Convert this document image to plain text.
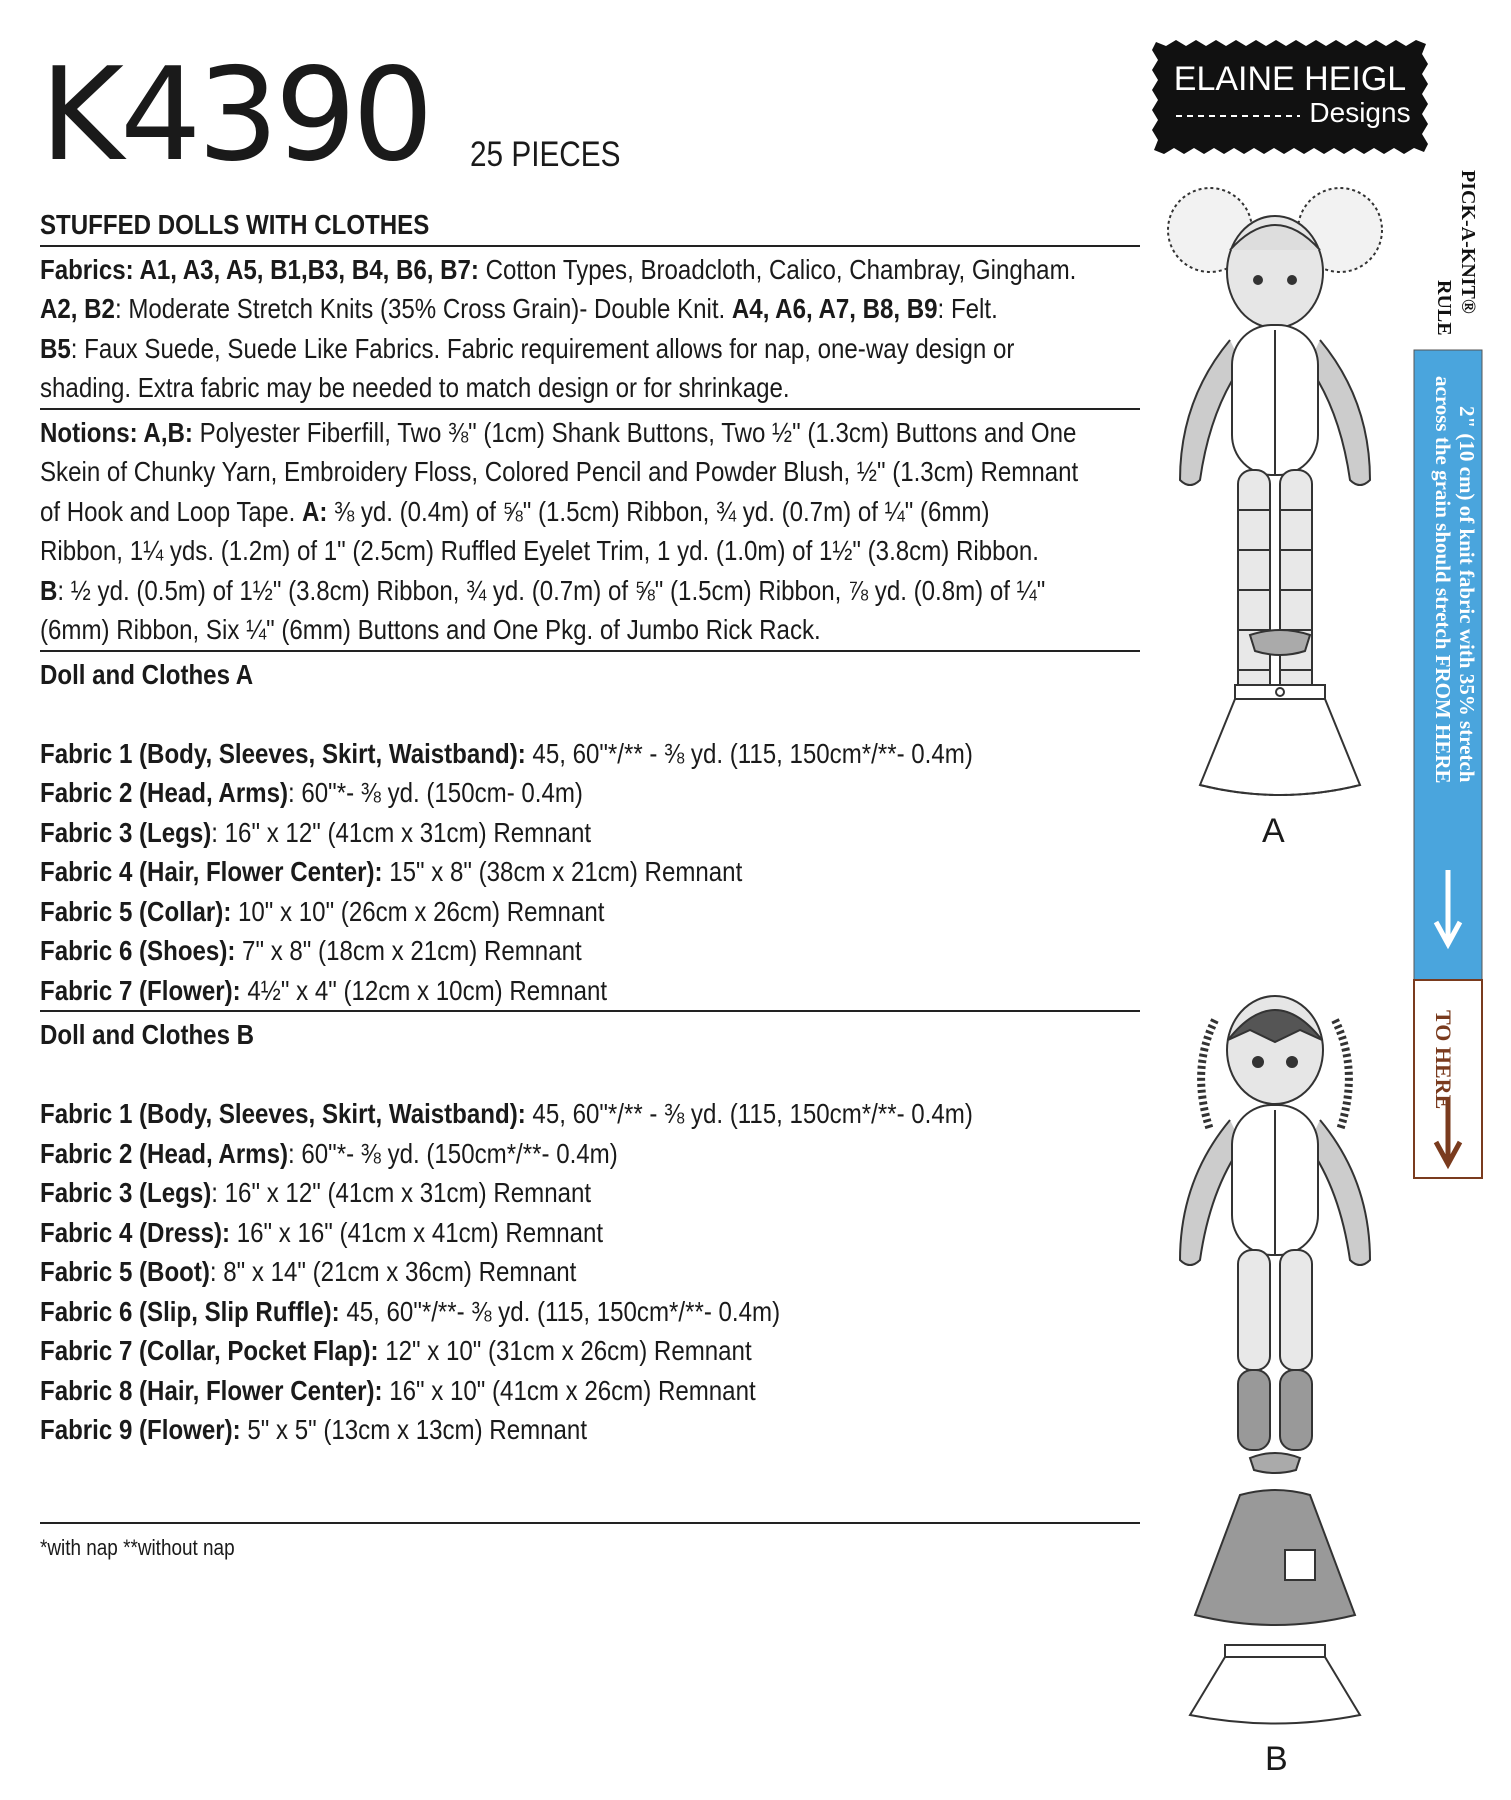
K4390 25 PIECES
ELAINE HEIGL
Designs
STUFFED DOLLS WITH CLOTHES
Fabrics: A1, A3, A5, B1,B3, B4, B6, B7: Cotton Types, Broadcloth, Calico, Chambray, Gingham.
A2, B2: Moderate Stretch Knits (35% Cross Grain)- Double Knit. A4, A6, A7, B8, B9: Felt.
B5: Faux Suede, Suede Like Fabrics. Fabric requirement allows for nap, one-way design or
shading. Extra fabric may be needed to match design or for shrinkage.
Notions: A,B: Polyester Fiberfill, Two ⅜" (1cm) Shank Buttons, Two ½" (1.3cm) Buttons and One
Skein of Chunky Yarn, Embroidery Floss, Colored Pencil and Powder Blush, ½" (1.3cm) Remnant
of Hook and Loop Tape. A: ⅜ yd. (0.4m) of ⅝" (1.5cm) Ribbon, ¾ yd. (0.7m) of ¼" (6mm)
Ribbon, 1¼ yds. (1.2m) of 1" (2.5cm) Ruffled Eyelet Trim, 1 yd. (1.0m) of 1½" (3.8cm) Ribbon.
B: ½ yd. (0.5m) of 1½" (3.8cm) Ribbon, ¾ yd. (0.7m) of ⅝" (1.5cm) Ribbon, ⅞ yd. (0.8m) of ¼"
(6mm) Ribbon, Six ¼" (6mm) Buttons and One Pkg. of Jumbo Rick Rack.
Doll and Clothes A
Fabric 1 (Body, Sleeves, Skirt, Waistband): 45, 60"*/** - ⅜ yd. (115, 150cm*/**- 0.4m)
Fabric 2 (Head, Arms): 60"*- ⅜ yd. (150cm- 0.4m)
Fabric 3 (Legs): 16" x 12" (41cm x 31cm) Remnant
Fabric 4 (Hair, Flower Center): 15" x 8" (38cm x 21cm) Remnant
Fabric 5 (Collar): 10" x 10" (26cm x 26cm) Remnant
Fabric 6 (Shoes): 7" x 8" (18cm x 21cm) Remnant
Fabric 7 (Flower): 4½" x 4" (12cm x 10cm) Remnant
Doll and Clothes B
Fabric 1 (Body, Sleeves, Skirt, Waistband): 45, 60"*/** - ⅜ yd. (115, 150cm*/**- 0.4m)
Fabric 2 (Head, Arms): 60"*- ⅜ yd. (150cm*/**- 0.4m)
Fabric 3 (Legs): 16" x 12" (41cm x 31cm) Remnant
Fabric 4 (Dress): 16" x 16" (41cm x 41cm) Remnant
Fabric 5 (Boot): 8" x 14" (21cm x 36cm) Remnant
Fabric 6 (Slip, Slip Ruffle): 45, 60"*/**- ⅜ yd. (115, 150cm*/**- 0.4m)
Fabric 7 (Collar, Pocket Flap): 12" x 10" (31cm x 26cm) Remnant
Fabric 8 (Hair, Flower Center): 16" x 10" (41cm x 26cm) Remnant
Fabric 9 (Flower): 5" x 5" (13cm x 13cm) Remnant
*with nap **without nap
PICK-A-KNIT®
RULE
2" (10 cm) of knit fabric with 35% stretch
across the grain should stretch FROM HERE
TO HERE
A
B
